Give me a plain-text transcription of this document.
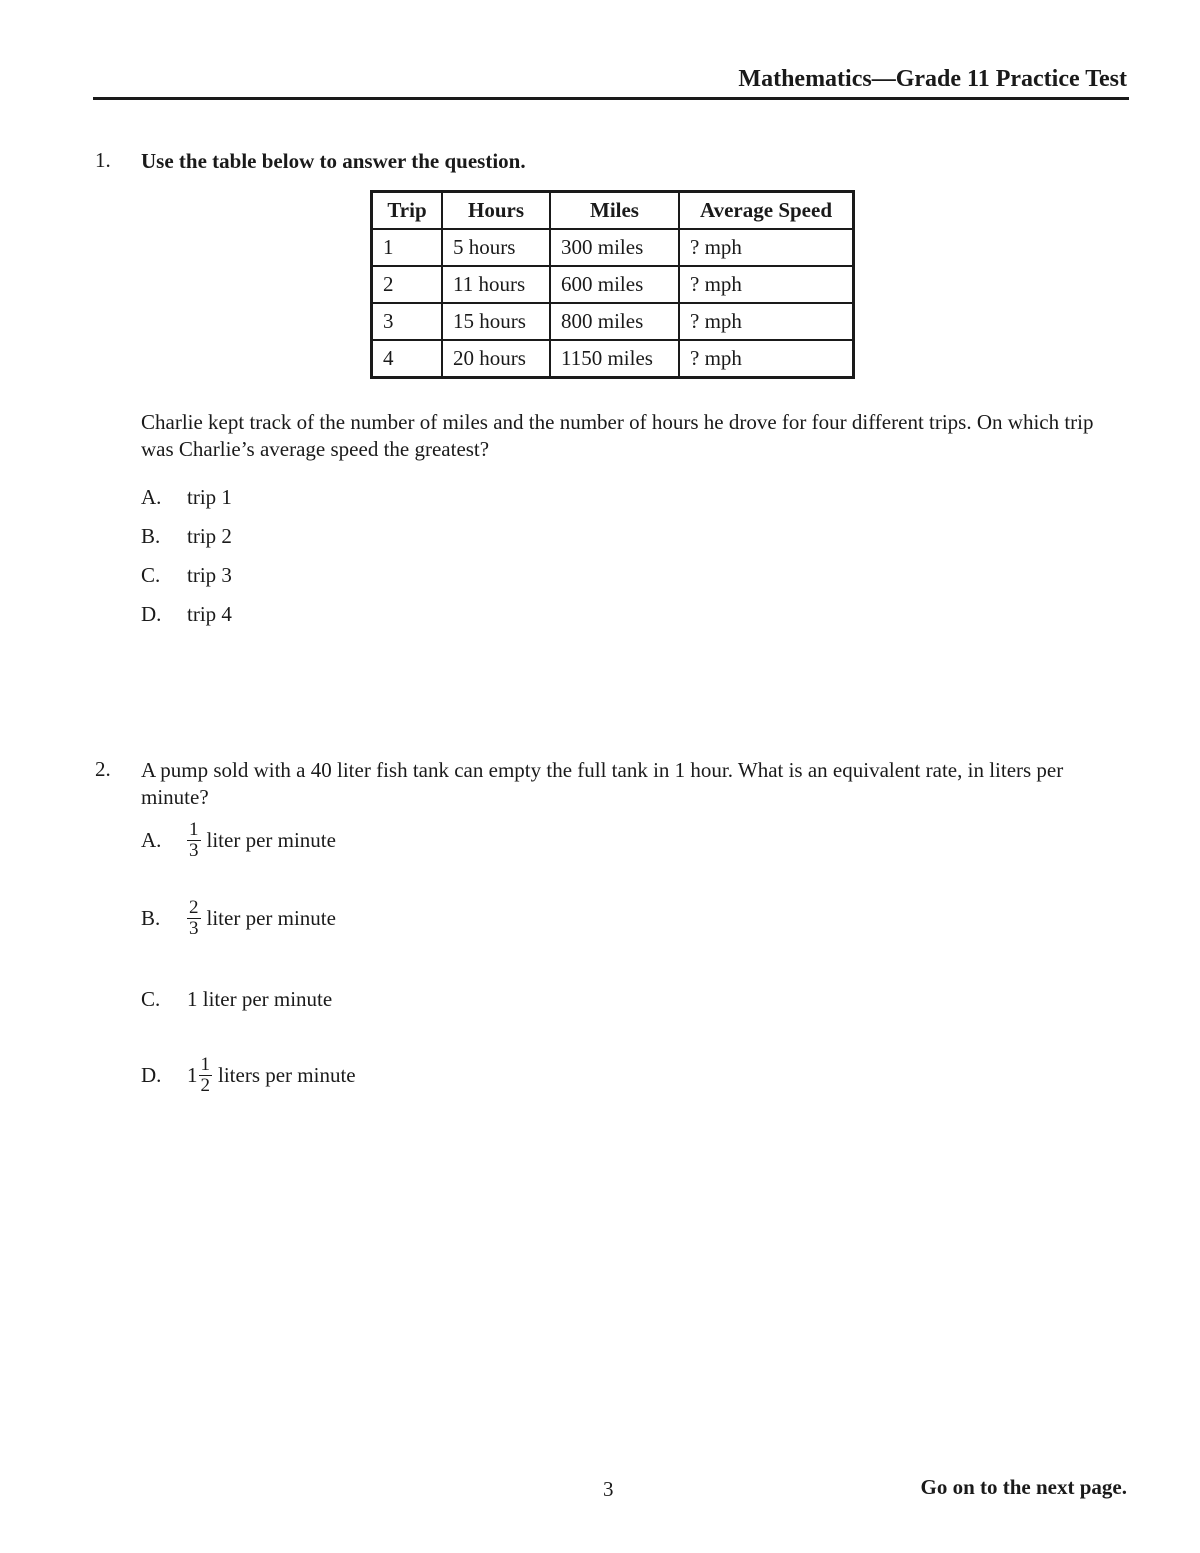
Mathematics—Grade 11 Practice Test
1. Use the table below to answer the question.
Trip	Hours	Miles	Average Speed
1	5 hours	300 miles	? mph
2	11 hours	600 miles	? mph
3	15 hours	800 miles	? mph
4	20 hours	1150 miles	? mph
Charlie kept track of the number of miles and the number of hours he drove for four different trips. On which trip was Charlie’s average speed the greatest?
A.	trip 1
B.	trip 2
C.	trip 3
D.	trip 4
2. A pump sold with a 40 liter fish tank can empty the full tank in 1 hour. What is an equivalent rate, in liters per minute?
A.	$\frac{1}{3}$ liter per minute
B.	$\frac{2}{3}$ liter per minute
C.	1 liter per minute
D.	$1 \frac{1}{2}$ liters per minute
3	Go on to the next page.
